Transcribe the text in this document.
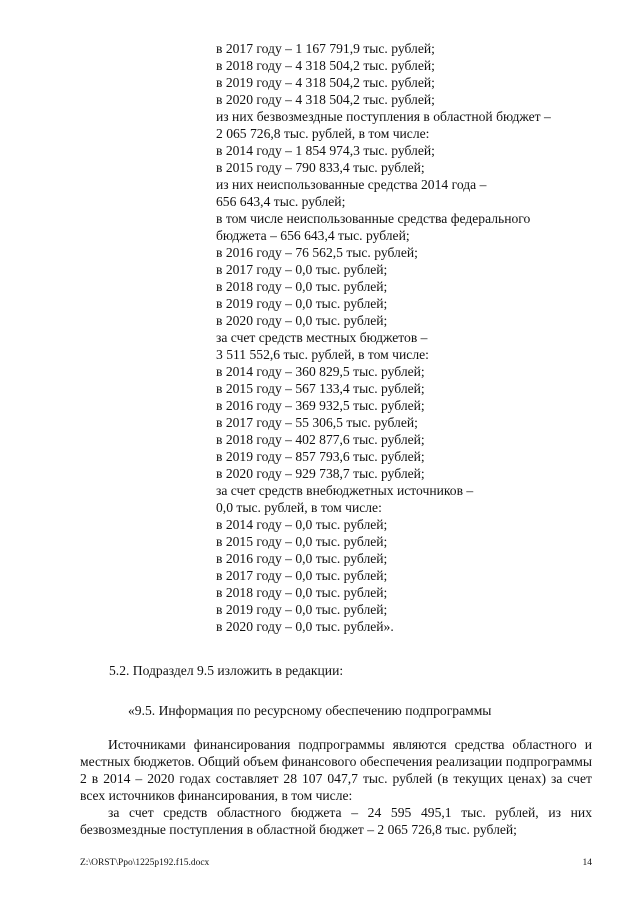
в 2017 году – 1 167 791,9 тыс. рублей;
в 2018 году – 4 318 504,2 тыс. рублей;
в 2019 году – 4 318 504,2 тыс. рублей;
в 2020 году – 4 318 504,2 тыс. рублей;
из них безвозмездные поступления в областной бюджет –
2 065 726,8 тыс. рублей, в том числе:
в 2014 году – 1 854 974,3 тыс. рублей;
в 2015 году – 790 833,4 тыс. рублей;
из них неиспользованные средства 2014 года –
656 643,4 тыс. рублей;
в том числе неиспользованные средства федерального
бюджета – 656 643,4 тыс. рублей;
в 2016 году – 76 562,5 тыс. рублей;
в 2017 году – 0,0 тыс. рублей;
в 2018 году – 0,0 тыс. рублей;
в 2019 году – 0,0 тыс. рублей;
в 2020 году – 0,0 тыс. рублей;
за счет средств местных бюджетов –
3 511 552,6 тыс. рублей, в том числе:
в 2014 году – 360 829,5 тыс. рублей;
в 2015 году – 567 133,4 тыс. рублей;
в 2016 году – 369 932,5 тыс. рублей;
в 2017 году – 55 306,5 тыс. рублей;
в 2018 году – 402 877,6 тыс. рублей;
в 2019 году – 857 793,6 тыс. рублей;
в 2020 году – 929 738,7 тыс. рублей;
за счет средств внебюджетных источников –
0,0 тыс. рублей, в том числе:
в 2014 году – 0,0 тыс. рублей;
в 2015 году – 0,0 тыс. рублей;
в 2016 году – 0,0 тыс. рублей;
в 2017 году – 0,0 тыс. рублей;
в 2018 году – 0,0 тыс. рублей;
в 2019 году – 0,0 тыс. рублей;
в 2020 году – 0,0 тыс. рублей».
5.2. Подраздел 9.5 изложить в редакции:
«9.5. Информация по ресурсному обеспечению подпрограммы

Источниками финансирования подпрограммы являются средства областного и местных бюджетов. Общий объем финансового обеспечения реализации подпрограммы 2 в 2014 – 2020 годах составляет 28 107 047,7 тыс. рублей (в текущих ценах) за счет всех источников финансирования, в том числе:

за счет средств областного бюджета – 24 595 495,1 тыс. рублей, из них безвозмездные поступления в областной бюджет – 2 065 726,8 тыс. рублей;

Z:\ORST\Ppo\1225p192.f15.docx	14
